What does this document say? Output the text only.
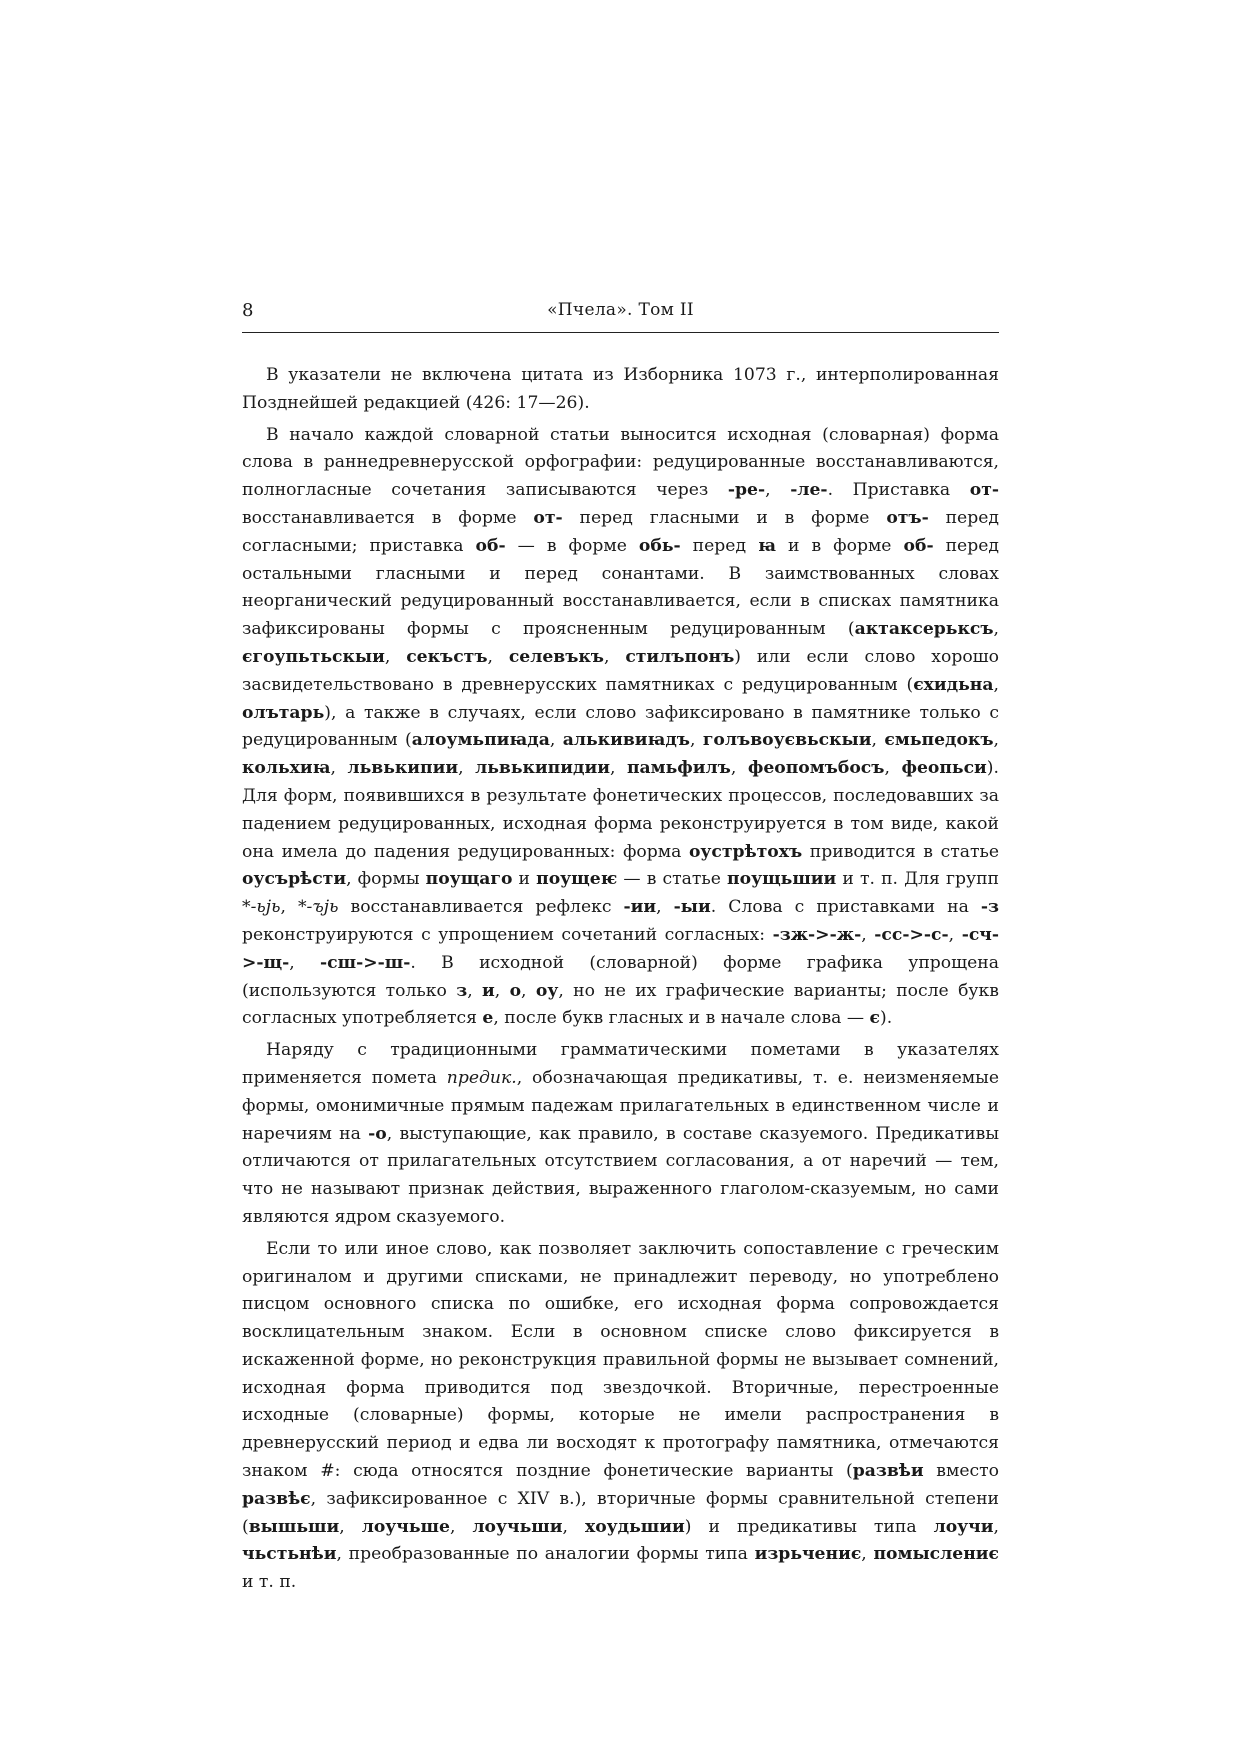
8	«Пчела». Том II

В указатели не включена цитата из Изборника 1073 г., интерполированная Позднейшей редакцией (426: 17—26).

В начало каждой словарной статьи выносится исходная (словарная) форма слова в раннедревнерусской орфографии: редуцированные восстанавливаются, полногласные сочетания записываются через -ре-, -ле-. Приставка от- восстанавливается в форме от- перед гласными и в форме отъ- перед согласными; приставка об- — в форме обь- перед ꙗ и в форме об- перед остальными гласными и перед сонантами. В заимствованных словах неорганический редуцированный восстанавливается, если в списках памятника зафиксированы формы с проясненным редуцированным (актаксерьксъ, єгоупьтьскыи, секъстъ, селевъкъ, стилъпонъ) или если слово хорошо засвидетельствовано в древнерусских памятниках с редуцированным (єхидьна, олътарь), а также в случаях, если слово зафиксировано в памятнике только с редуцированным (алоумьпиꙗда, алькивиꙗдъ, голъвоуєвьскыи, ємьпедокъ, кольхиꙗ, львькипии, львькипидии, памьфилъ, феопомъбосъ, феопьси). Для форм, появившихся в результате фонетических процессов, последовавших за падением редуцированных, исходная форма реконструируется в том виде, какой она имела до падения редуцированных: форма оустрѣтохъ приводится в статье оусърѣсти, формы поущаго и поущеѥ — в статье поущьшии и т. п. Для групп *-ьјь, *-ъјь восстанавливается рефлекс -ии, -ыи. Слова с приставками на -з реконструируются с упрощением сочетаний согласных: -зж->-ж-, -сс->-с-, -сч->-щ-, -сш->-ш-. В исходной (словарной) форме графика упрощена (используются только з, и, о, оу, но не их графические варианты; после букв согласных употребляется е, после букв гласных и в начале слова — є).

Наряду с традиционными грамматическими пометами в указателях применяется помета предик., обозначающая предикативы, т. е. неизменяемые формы, омонимичные прямым падежам прилагательных в единственном числе и наречиям на -о, выступающие, как правило, в составе сказуемого. Предикативы отличаются от прилагательных отсутствием согласования, а от наречий — тем, что не называют признак действия, выраженного глаголом-сказуемым, но сами являются ядром сказуемого.

Если то или иное слово, как позволяет заключить сопоставление с греческим оригиналом и другими списками, не принадлежит переводу, но употреблено писцом основного списка по ошибке, его исходная форма сопровождается восклицательным знаком. Если в основном списке слово фиксируется в искаженной форме, но реконструкция правильной формы не вызывает сомнений, исходная форма приводится под звездочкой. Вторичные, перестроенные исходные (словарные) формы, которые не имели распространения в древнерусский период и едва ли восходят к протографу памятника, отмечаются знаком #: сюда относятся поздние фонетические варианты (развѣи вместо развѣє, зафиксированное с XIV в.), вторичные формы сравнительной степени (вышьши, лоучьше, лоучьши, хоудьшии) и предикативы типа лоучи, чьстьнѣи, преобразованные по аналогии формы типа изрьчениє, помыслениє и т. п.
